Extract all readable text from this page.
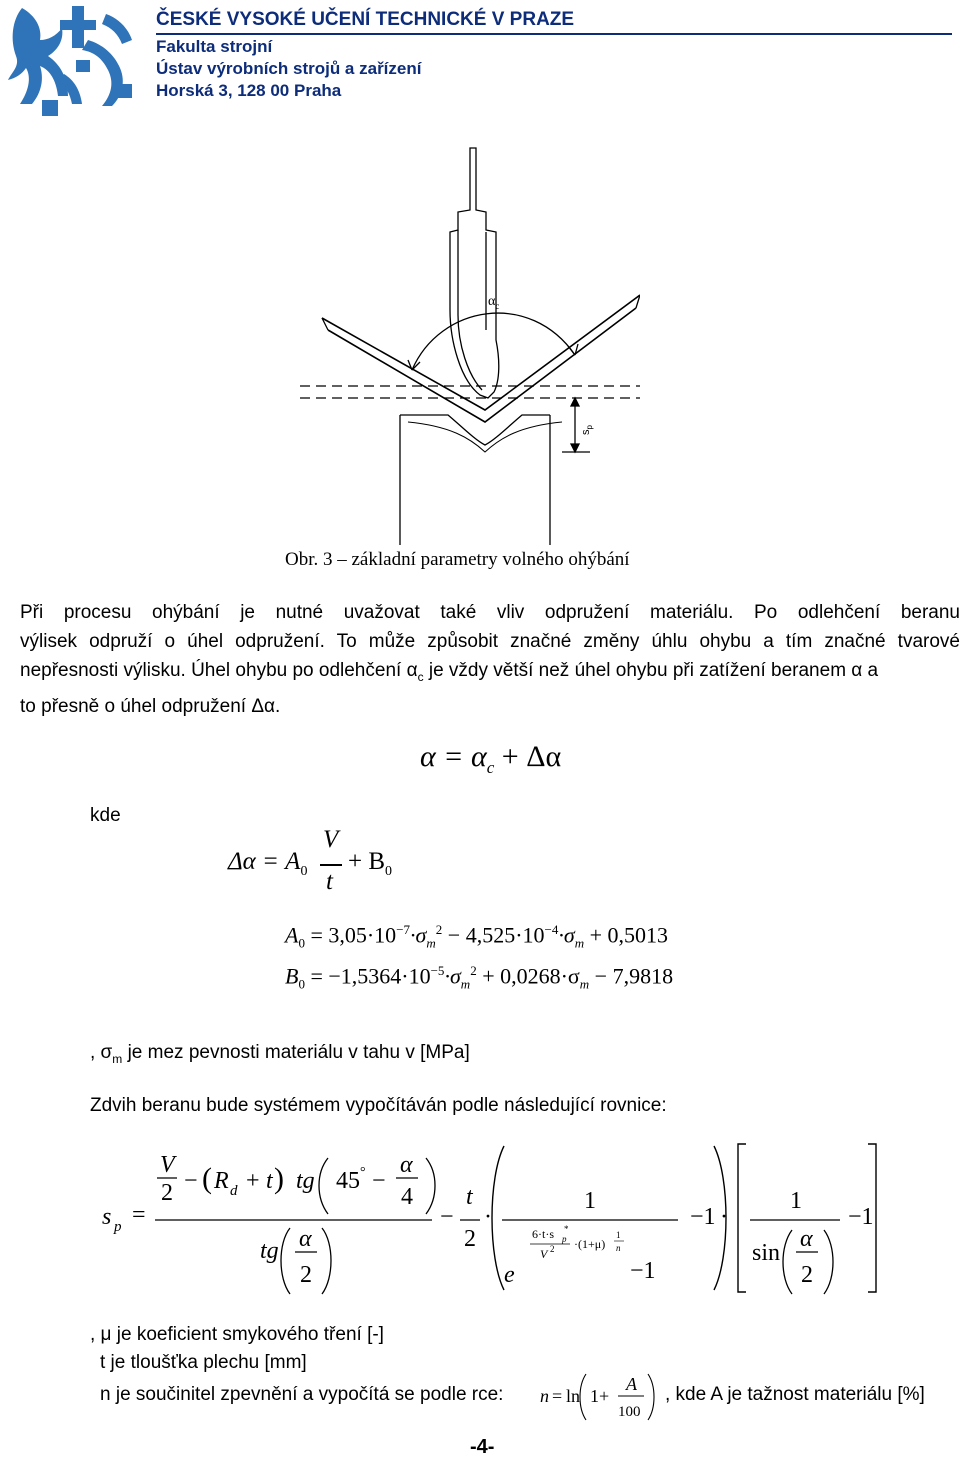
ČESKÉ VYSOKÉ UČENÍ TECHNICKÉ V PRAZE
Fakulta strojní
Ústav výrobních strojů a zařízení
Horská 3, 128 00 Praha
$\alpha_c$
$s_p$
Obr. 3 – základní parametry volného ohýbání
Při procesu ohýbání je nutné uvažovat také vliv odpružení materiálu. Po odlehčení beranu
výlisek odpruží o úhel odpružení. To může způsobit značné změny úhlu ohybu a tím značné tvarové
nepřesnosti výlisku. Úhel ohybu po odlehčení $\alpha_c$ je vždy větší než úhel ohybu při zatížení beranem α a
to přesně o úhel odpružení Δα.
$\alpha = \alpha_c + \Delta\alpha$
kde
$\Delta\alpha = A_0$
V
t
+ $B_0$
$A_0 = 3,05\cdot 10^{-7}\cdot\sigma_m^2 - 4,525\cdot 10^{-4}\cdot\sigma_m + 0,5013$
$B_0 = -1,5364\cdot 10^{-5}\cdot\sigma_m^2 + 0,0268\cdot\sigma_m - 7,9818$
, $\sigma_m$ je mez pevnosti materiálu v tahu v [MPa]
Zdvih beranu bude systémem vypočítáván podle následující rovnice:
s p =
V
2 − ( R d + t ) tg 45 ° −
α
4
tg α
2
−
t
2
·
1
e
6·t·s p
*
V 2 ·(1+μ)
1
n
−1
−1 ·
1
sin
α
2
−1
, μ je koeficient smykového tření [-]
t je tloušťka plechu [mm]
n je součinitel zpevnění a vypočítá se podle rce: n = ln 1+
A
100
, kde A je tažnost materiálu [%]
-4-
